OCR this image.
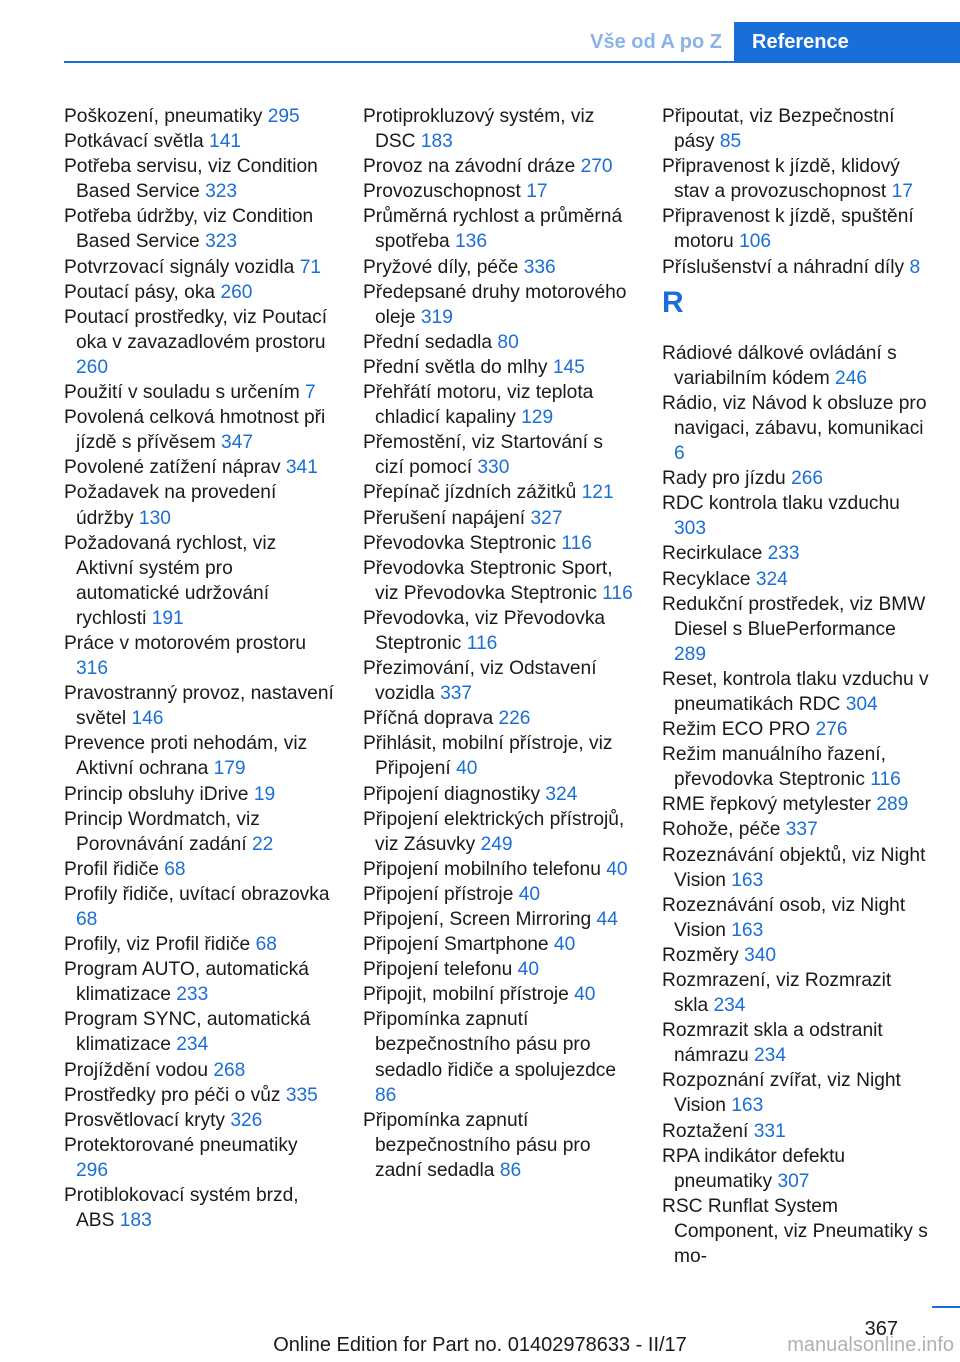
Vše od A po Z	Reference
Poškození, pneumatiky 295
Potkávací světla 141
Potřeba servisu, viz Condition Based Service 323
Potřeba údržby, viz Condition Based Service 323
Potvrzovací signály vozidla 71
Poutací pásy, oka 260
Poutací prostředky, viz Poutací oka v zavazadlovém prostoru 260
Použití v souladu s určením 7
Povolená celková hmotnost při jízdě s přívěsem 347
Povolené zatížení náprav 341
Požadavek na provedení údržby 130
Požadovaná rychlost, viz Aktivní systém pro automatické udržování rychlosti 191
Práce v motorovém prostoru 316
Pravostranný provoz, nastavení světel 146
Prevence proti nehodám, viz Aktivní ochrana 179
Princip obsluhy iDrive 19
Princip Wordmatch, viz Porovnávání zadání 22
Profil řidiče 68
Profily řidiče, uvítací obrazovka 68
Profily, viz Profil řidiče 68
Program AUTO, automatická klimatizace 233
Program SYNC, automatická klimatizace 234
Projíždění vodou 268
Prostředky pro péči o vůz 335
Prosvětlovací kryty 326
Protektorované pneumatiky 296
Protiblokovací systém brzd, ABS 183
Protiprokluzový systém, viz DSC 183
Provoz na závodní dráze 270
Provozuschopnost 17
Průměrná rychlost a průměrná spotřeba 136
Pryžové díly, péče 336
Předepsané druhy motorového oleje 319
Přední sedadla 80
Přední světla do mlhy 145
Přehřátí motoru, viz teplota chladicí kapaliny 129
Přemostění, viz Startování s cizí pomocí 330
Přepínač jízdních zážitků 121
Přerušení napájení 327
Převodovka Steptronic 116
Převodovka Steptronic Sport, viz Převodovka Steptronic 116
Převodovka, viz Převodovka Steptronic 116
Přezimování, viz Odstavení vozidla 337
Příčná doprava 226
Přihlásit, mobilní přístroje, viz Připojení 40
Připojení diagnostiky 324
Připojení elektrických přístrojů, viz Zásuvky 249
Připojení mobilního telefonu 40
Připojení přístroje 40
Připojení, Screen Mirroring 44
Připojení Smartphone 40
Připojení telefonu 40
Připojit, mobilní přístroje 40
Připomínka zapnutí bezpečnostního pásu pro sedadlo řidiče a spolujezdce 86
Připomínka zapnutí bezpečnostního pásu pro zadní sedadla 86
Připoutat, viz Bezpečnostní pásy 85
Připravenost k jízdě, klidový stav a provozuschopnost 17
Připravenost k jízdě, spuštění motoru 106
Příslušenství a náhradní díly 8
R
Rádiové dálkové ovládání s variabilním kódem 246
Rádio, viz Návod k obsluze pro navigaci, zábavu, komunikaci 6
Rady pro jízdu 266
RDC kontrola tlaku vzduchu 303
Recirkulace 233
Recyklace 324
Redukční prostředek, viz BMW Diesel s BluePerformance 289
Reset, kontrola tlaku vzduchu v pneumatikách RDC 304
Režim ECO PRO 276
Režim manuálního řazení, převodovka Steptronic 116
RME řepkový metylester 289
Rohože, péče 337
Rozeznávání objektů, viz Night Vision 163
Rozeznávání osob, viz Night Vision 163
Rozměry 340
Rozmrazení, viz Rozmrazit skla 234
Rozmrazit skla a odstranit námrazu 234
Rozpoznání zvířat, viz Night Vision 163
Roztažení 331
RPA indikátor defektu pneumatiky 307
RSC Runflat System Component, viz Pneumatiky s mo-
367
Online Edition for Part no. 01402978633 - II/17	manualsonline.info
